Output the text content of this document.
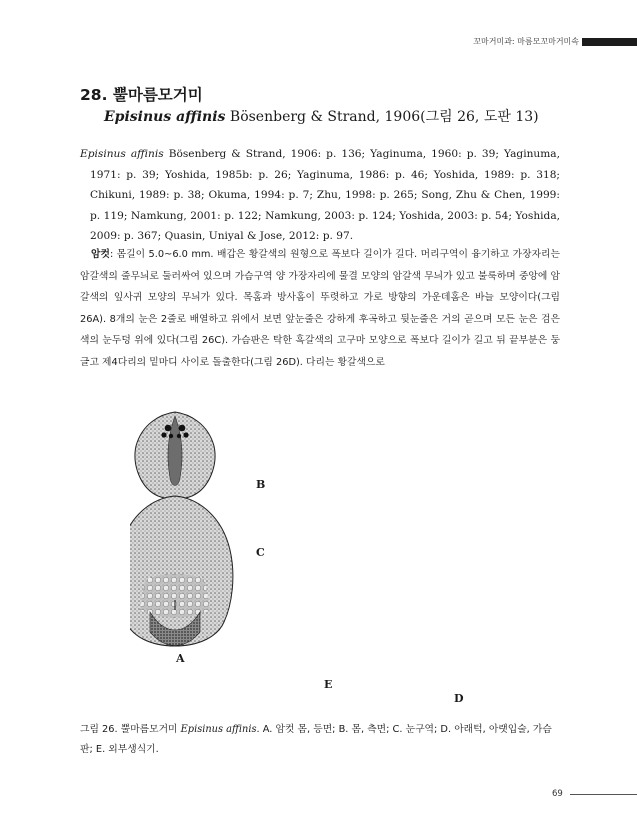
꼬마거미과: 마름모꼬마거미속
28. 뿔마름모거미
Episinus affinis Bösenberg & Strand, 1906(그림 26, 도판 13)

Episinus affinis Bösenberg & Strand, 1906: p. 136; Yaginuma, 1960: p. 39; Yaginuma, 1971: p. 39; Yoshida, 1985b: p. 26; Yaginuma, 1986: p. 46; Yoshida, 1989: p. 318; Chikuni, 1989: p. 38; Okuma, 1994: p. 7; Zhu, 1998: p. 265; Song, Zhu & Chen, 1999: p. 119; Namkung, 2001: p. 122; Namkung, 2003: p. 124; Yoshida, 2003: p. 54; Yoshida, 2009: p. 367; Quasin, Uniyal & Jose, 2012: p. 97.

암컷: 몸길이 5.0~6.0 mm. 배갑은 황갈색의 원형으로 폭보다 길이가 길다. 머리구역이 융기하고 가장자리는 암갈색의 줄무늬로 둘러싸여 있으며 가슴구역 양 가장자리에 물결 모양의 암갈색 무늬가 있고 불룩하며 중앙에 암갈색의 잎사귀 모양의 무늬가 있다. 목홈과 방사홈이 뚜렷하고 가로 방향의 가운데홈은 바늘 모양이다(그림 26A). 8개의 눈은 2줄로 배열하고 위에서 보면 앞눈줄은 강하게 후곡하고 뒷눈줄은 거의 곧으며 모든 눈은 검은색의 눈두덩 위에 있다(그림 26C). 가슴판은 탁한 흑갈색의 고구마 모양으로 폭보다 길이가 길고 뒤 끝부분은 둥글고 제4다리의 밑마디 사이로 돌출한다(그림 26D). 다리는 황갈색으로

A
B
C
D
E

그림 26. 뿔마름모거미 Episinus affinis. A. 암컷 몸, 등면; B. 몸, 측면; C. 눈구역; D. 아래턱, 아랫입술, 가슴판; E. 외부생식기.

69
